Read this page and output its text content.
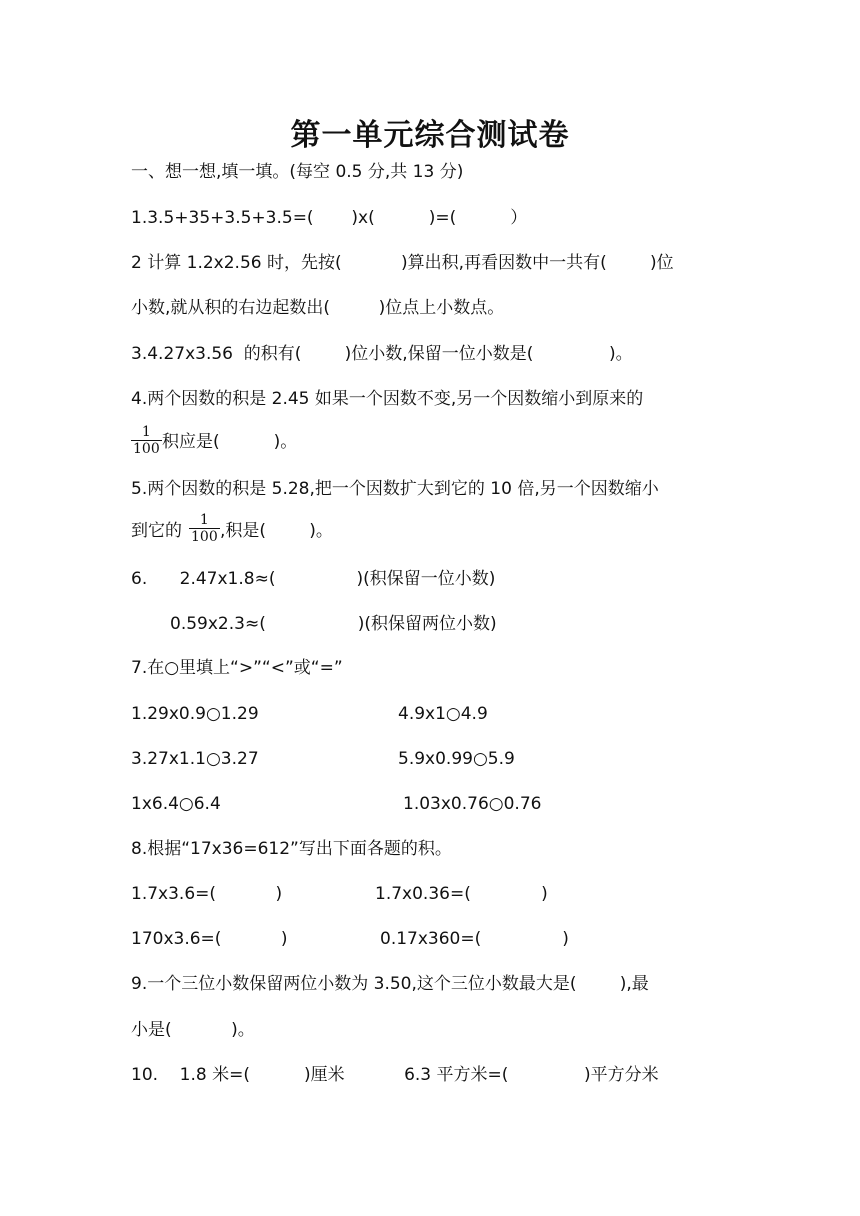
第一单元综合测试卷
一、想一想,填一填。(每空 0.5 分,共 13 分)
1.3.5+35+3.5+3.5=(       )x(          )=(          ）
2 计算 1.2x2.56 时，先按(           )算出积,再看因数中一共有(        )位
小数,就从积的右边起数出(         )位点上小数点。
3.4.27x3.56  的积有(        )位小数,保留一位小数是(              )。
4.两个因数的积是 2.45 如果一个因数不变,另一个因数缩小到原来的
1
100 积应是(          )。
5.两个因数的积是 5.28,把一个因数扩大到它的 10 倍,另一个因数缩小
到它的
1
100 ,积是(        )。
6.      2.47x1.8≈(               )(积保留一位小数)
0.59x2.3≈(                 )(积保留两位小数)
7.在○里填上“>”“<”或“=”
1.29x0.9○1.29	4.9x1○4.9
3.27x1.1○3.27	5.9x0.99○5.9
1x6.4○6.4	1.03x0.76○0.76
8.根据“17x36=612”写出下面各题的积。
1.7x3.6=(           )	1.7x0.36=(             )
170x3.6=(           )	0.17x360=(               )
9.一个三位小数保留两位小数为 3.50,这个三位小数最大是(        ),最
小是(           )。
10.    1.8 米=(          )厘米           6.3 平方米=(              )平方分米
